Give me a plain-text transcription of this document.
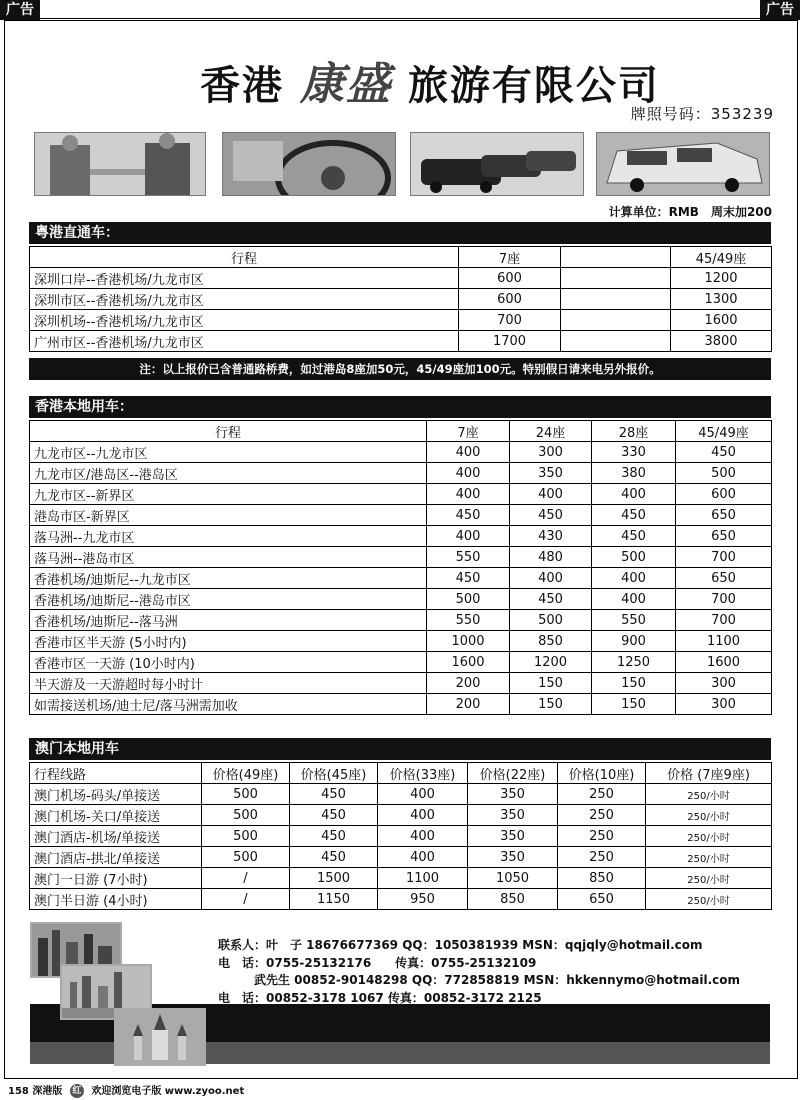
广告	广告
香港 康盛 旅游有限公司
牌照号码：353239
计算单位：RMB　周末加200
粤港直通车：
行程	7座		45/49座
深圳口岸--香港机场/九龙市区	600		1200
深圳市区--香港机场/九龙市区	600		1300
深圳机场--香港机场/九龙市区	700		1600
广州市区--香港机场/九龙市区	1700		3800
注：以上报价已含普通路桥费，如过港岛8座加50元，45/49座加100元。特别假日请来电另外报价。
香港本地用车：
行程	7座	24座	28座	45/49座
九龙市区--九龙市区	400	300	330	450
九龙市区/港岛区--港岛区	400	350	380	500
九龙市区--新界区	400	400	400	600
港岛市区-新界区	450	450	450	650
落马洲--九龙市区	400	430	450	650
落马洲--港岛市区	550	480	500	700
香港机场/迪斯尼--九龙市区	450	400	400	650
香港机场/迪斯尼--港岛市区	500	450	400	700
香港机场/迪斯尼--落马洲	550	500	550	700
香港市区半天游 (5小时内)	1000	850	900	1100
香港市区一天游 (10小时内)	1600	1200	1250	1600
半天游及一天游超时每小时计	200	150	150	300
如需接送机场/迪士尼/落马洲需加收	200	150	150	300
澳门本地用车
行程线路	价格(49座)	价格(45座)	价格(33座)	价格(22座)	价格(10座)	价格 (7座9座)
澳门机场-码头/单接送	500	450	400	350	250	250/小时
澳门机场-关口/单接送	500	450	400	350	250	250/小时
澳门酒店-机场/单接送	500	450	400	350	250	250/小时
澳门酒店-拱北/单接送	500	450	400	350	250	250/小时
澳门一日游 (7小时)	/	1500	1100	1050	850	250/小时
澳门半日游 (4小时)	/	1150	950	850	650	250/小时
联系人：叶　子 18676677369 QQ：1050381939 MSN：qqjqly@hotmail.com
电　话：0755-25132176　　传真：0755-25132109
　　　武先生 00852-90148298 QQ：772858819 MSN：hkkennymo@hotmail.com
电　话：00852-3178 1067 传真：00852-3172 2125
158 深港版 红 欢迎浏览电子版 www.zyoo.net
